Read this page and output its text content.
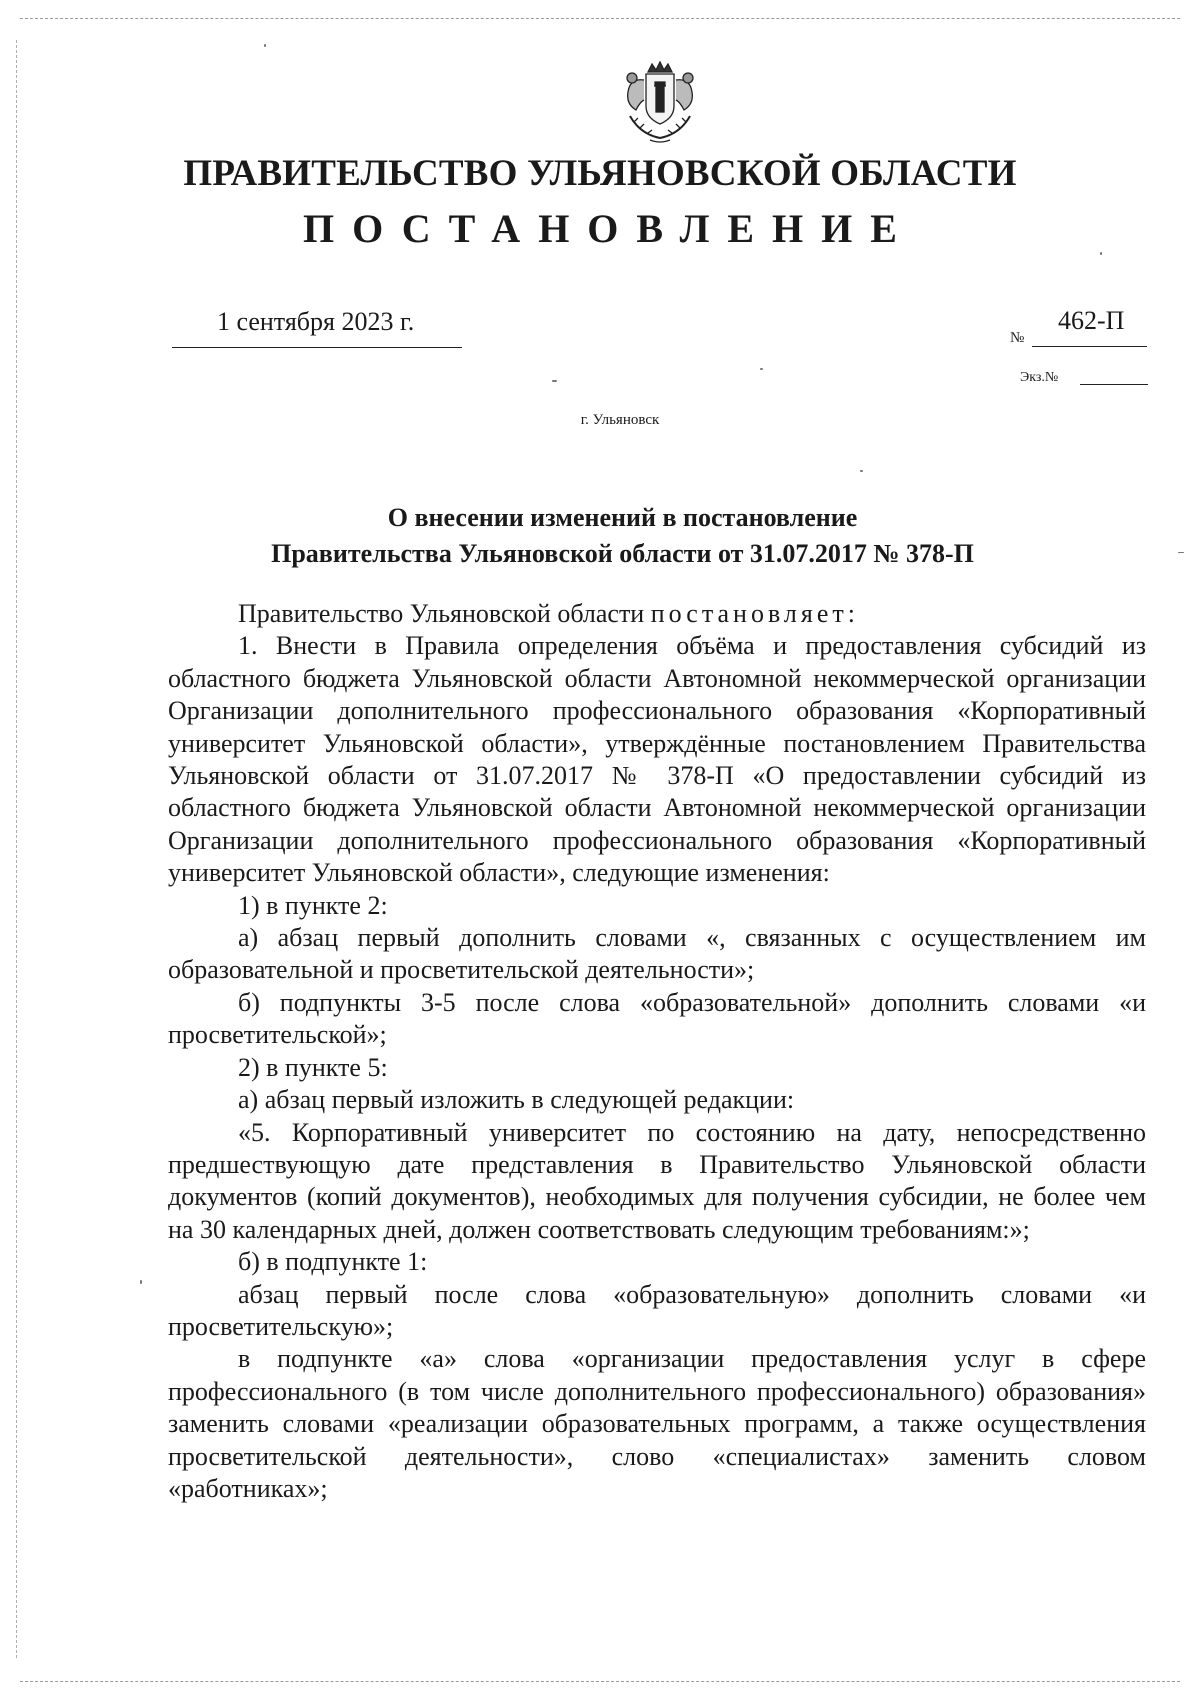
ПРАВИТЕЛЬСТВО УЛЬЯНОВСКОЙ ОБЛАСТИ
ПОСТАНОВЛЕНИЕ
1 сентября 2023 г.
№
462-П
Экз.№
г. Ульяновск
О внесении изменений в постановление
Правительства Ульяновской области от 31.07.2017 № 378-П

Правительство Ульяновской области постановляет:

1. Внести в Правила определения объёма и предоставления субсидий из областного бюджета Ульяновской области Автономной некоммерческой организации Организации дополнительного профессионального образования «Корпоративный университет Ульяновской области», утверждённые постановлением Правительства Ульяновской области от 31.07.2017 № 378-П «О предоставлении субсидий из областного бюджета Ульяновской области Автономной некоммерческой организации Организации дополнительного профессионального образования «Корпоративный университет Ульяновской области», следующие изменения:

1) в пункте 2:

а) абзац первый дополнить словами «, связанных с осуществлением им образовательной и просветительской деятельности»;

б) подпункты 3-5 после слова «образовательной» дополнить словами «и просветительской»;

2) в пункте 5:

а) абзац первый изложить в следующей редакции:

«5. Корпоративный университет по состоянию на дату, непосредственно предшествующую дате представления в Правительство Ульяновской области документов (копий документов), необходимых для получения субсидии, не более чем на 30 календарных дней, должен соответствовать следующим требованиям:»;

б) в подпункте 1:

абзац первый после слова «образовательную» дополнить словами «и просветительскую»;

в подпункте «а» слова «организации предоставления услуг в сфере профессионального (в том числе дополнительного профессионального) образования» заменить словами «реализации образовательных программ, а также осуществления просветительской деятельности», слово «специалистах» заменить словом «работниках»;
